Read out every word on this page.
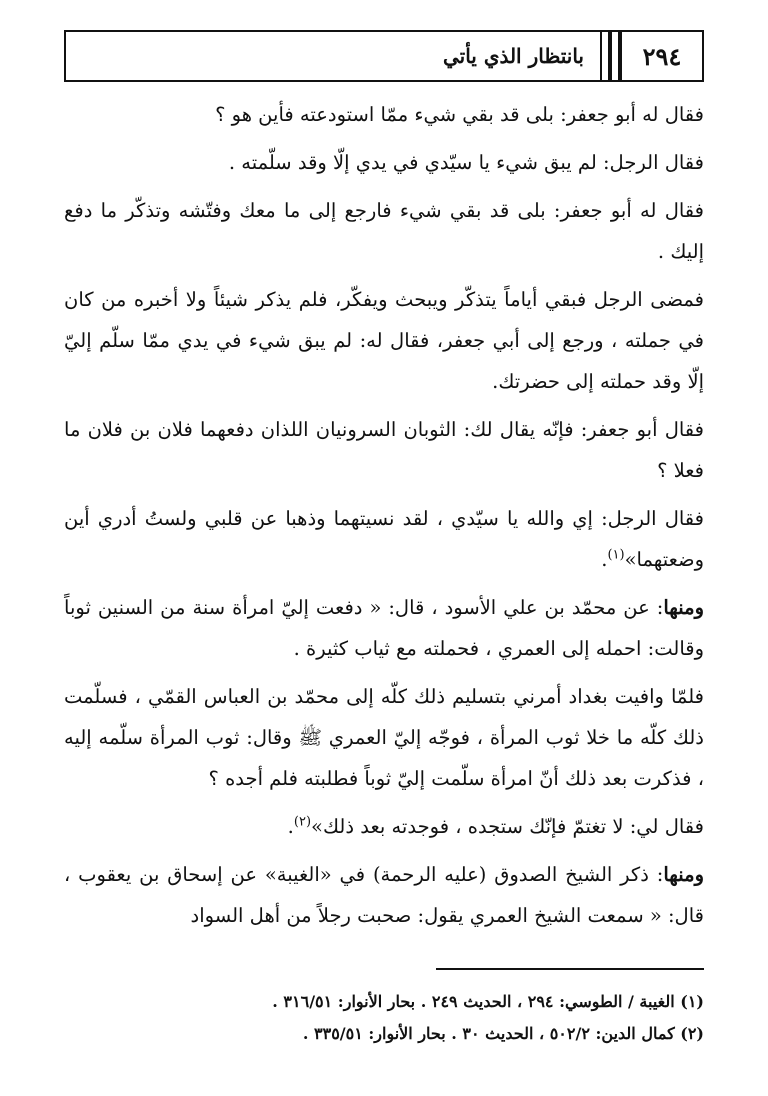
بانتظار الذي يأتي	٢٩٤

فقال له أبو جعفر: بلى قد بقي شيء ممّا استودعته فأين هو ؟

فقال الرجل: لم يبق شيء يا سيّدي في يدي إلّا وقد سلّمته .

فقال له أبو جعفر: بلى قد بقي شيء فارجع إلى ما معك وفتّشه وتذكّر ما دفع إليك .

فمضى الرجل فبقي أياماً يتذكّر ويبحث ويفكّر، فلم يذكر شيئاً ولا أخبره من كان في جملته ، ورجع إلى أبي جعفر، فقال له: لم يبق شيء في يدي ممّا سلّم إليّ إلّا وقد حملته إلى حضرتك.

فقال أبو جعفر: فإنّه يقال لك: الثوبان السرونيان اللذان دفعهما فلان بن فلان ما فعلا ؟

فقال الرجل: إي والله يا سيّدي ، لقد نسيتهما وذهبا عن قلبي ولستُ أدري أين وضعتهما»$^{(١)}$.

ومنها: عن محمّد بن علي الأسود ، قال: « دفعت إليّ امرأة سنة من السنين ثوباً وقالت: احمله إلى العمري ، فحملته مع ثياب كثيرة .

فلمّا وافيت بغداد أمرني بتسليم ذلك كلّه إلى محمّد بن العباس القمّي ، فسلّمت ذلك كلّه ما خلا ثوب المرأة ، فوجّه إليّ العمري ﷺ وقال: ثوب المرأة سلّمه إليه ، فذكرت بعد ذلك أنّ امرأة سلّمت إليّ ثوباً فطلبته فلم أجده ؟

فقال لي: لا تغتمّ فإنّك ستجده ، فوجدته بعد ذلك»$^{(٢)}$.

ومنها: ذكر الشيخ الصدوق (عليه الرحمة) في «الغيبة» عن إسحاق بن يعقوب ، قال: « سمعت الشيخ العمري يقول: صحبت رجلاً من أهل السواد

(١) الغيبة / الطوسي: ٢٩٤ ، الحديث ٢٤٩ . بحار الأنوار: ٣١٦/٥١ .

(٢) كمال الدين: ٥٠٢/٢ ، الحديث ٣٠ . بحار الأنوار: ٣٣٥/٥١ .
